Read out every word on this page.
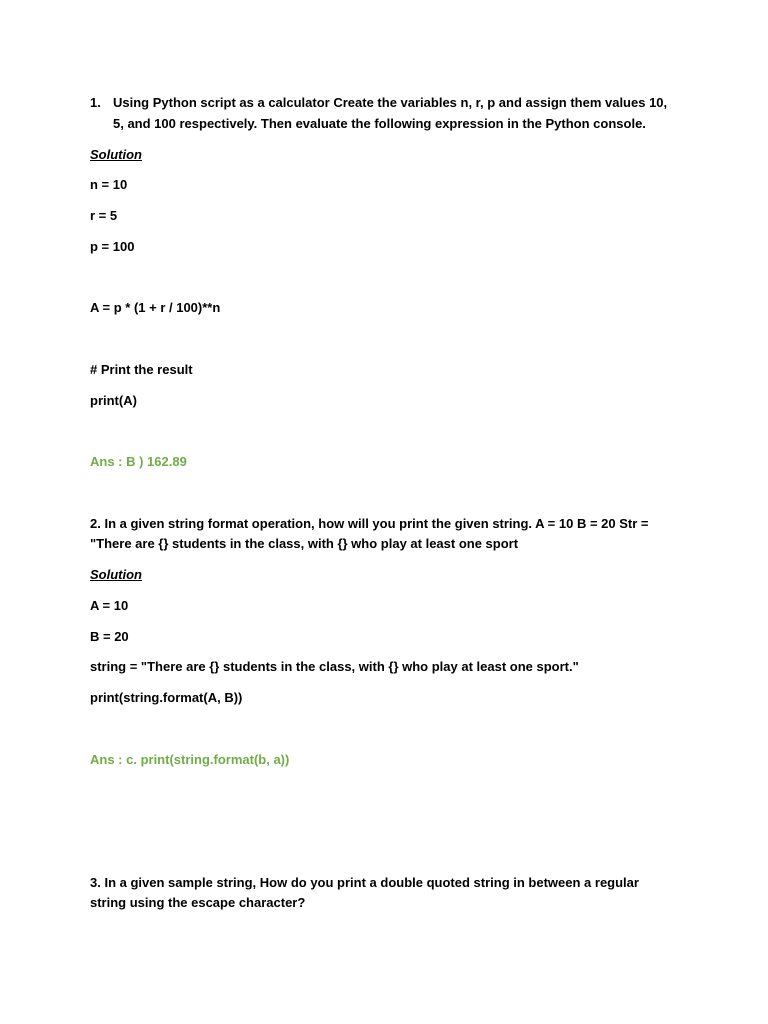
1. Using Python script as a calculator Create the variables n, r, p and assign them values 10,
5, and 100 respectively. Then evaluate the following expression in the Python console.
Solution
n = 10
r = 5
p = 100
A = p * (1 + r / 100)**n
# Print the result
print(A)
Ans : B ) 162.89
2. In a given string format operation, how will you print the given string. A = 10 B = 20 Str =
"There are {} students in the class, with {} who play at least one sport
Solution
A = 10
B = 20
string = "There are {} students in the class, with {} who play at least one sport."
print(string.format(A, B))
Ans : c. print(string.format(b, a))
3. In a given sample string, How do you print a double quoted string in between a regular
string using the escape character?
